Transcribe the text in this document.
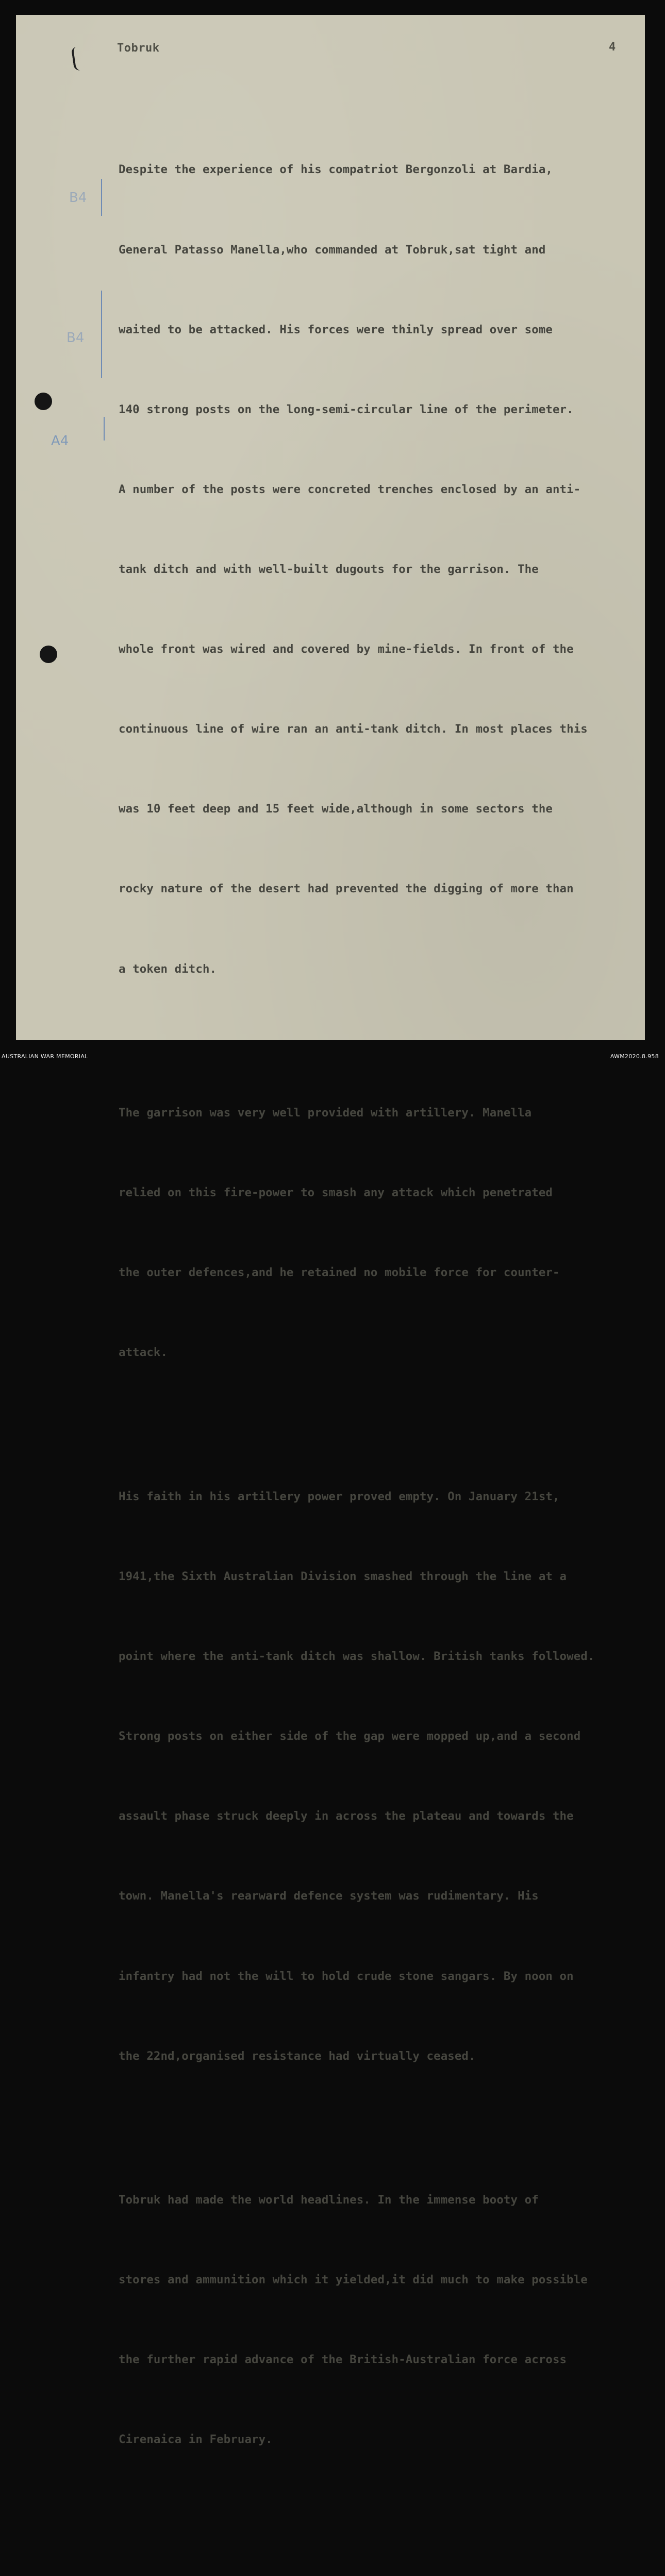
Tobruk	4
B4
B4
A4

Despite the experience of his compatriot Bergonzoli at Bardia,

General Patasso Manella,who commanded at Tobruk,sat tight and

waited to be attacked. His forces were thinly spread over some

140 strong posts on the long-semi-circular line of the perimeter.

A number of the posts were concreted trenches enclosed by an anti-

tank ditch and with well-built dugouts for the garrison. The

whole front was wired and covered by mine-fields. In front of the

continuous line of wire ran an anti-tank ditch. In most places this

was 10 feet deep and 15 feet wide,although in some sectors the

rocky nature of the desert had prevented the digging of more than

a token ditch.

The garrison was very well provided with artillery. Manella

relied on this fire-power to smash any attack which penetrated

the outer defences,and he retained no mobile force for counter-

attack.

His faith in his artillery power proved empty. On January 21st,

1941,the Sixth Australian Division smashed through the line at a

point where the anti-tank ditch was shallow. British tanks followed.

Strong posts on either side of the gap were mopped up,and a second

assault phase struck deeply in across the plateau and towards the

town. Manella's rearward defence system was rudimentary. His

infantry had not the will to hold crude stone sangars. By noon on

the 22nd,organised resistance had virtually ceased.

Tobruk had made the world headlines. In the immense booty of

stores and ammunition which it yielded,it did much to make possible

the further rapid advance of the British-Australian force across

Cirenaica in February.

AUSTRALIAN WAR MEMORIAL	AWM2020.8.958
